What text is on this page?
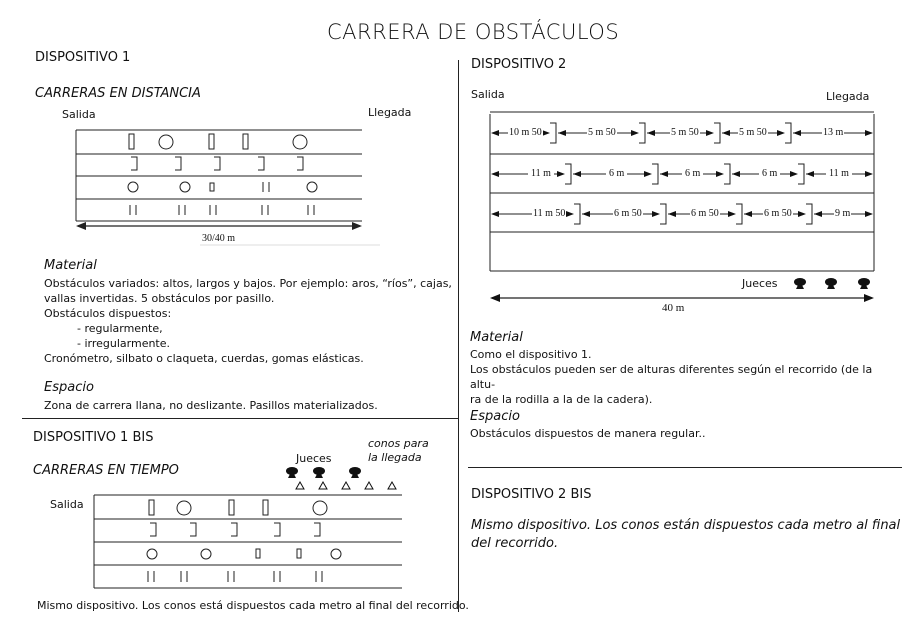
CARRERA DE OBSTÁCULOS
DISPOSITIVO 1
CARRERAS EN DISTANCIA
Salida	Llegada
30/40 m
Material
Obstáculos variados: altos, largos y bajos. Por ejemplo: aros, “ríos”, cajas,
vallas invertidas. 5 obstáculos por pasillo.
Obstáculos dispuestos:
- regularmente,
- irregularmente.
Cronómetro, silbato o claqueta, cuerdas, gomas elásticas.
Espacio
Zona de carrera llana, no deslizante. Pasillos materializados.
DISPOSITIVO 1 BIS
CARRERAS EN TIEMPO
Jueces
conos para
la llegada
Salida
Mismo dispositivo. Los conos está dispuestos cada metro al final del recorrido.
DISPOSITIVO 2
Salida	Llegada
10 m 50	5 m 50	5 m 50	5 m 50	13 m
11 m	6 m	6 m	6 m	11 m
11 m 50	6 m 50	6 m 50	6 m 50	9 m
Jueces
40 m
Material
Como el dispositivo 1.
Los obstáculos pueden ser de alturas diferentes según el recorrido (de la altu-
ra de la rodilla a la de la cadera).
Espacio
Obstáculos dispuestos de manera regular..
DISPOSITIVO 2 BIS
Mismo dispositivo. Los conos están dispuestos cada metro al final
del recorrido.
